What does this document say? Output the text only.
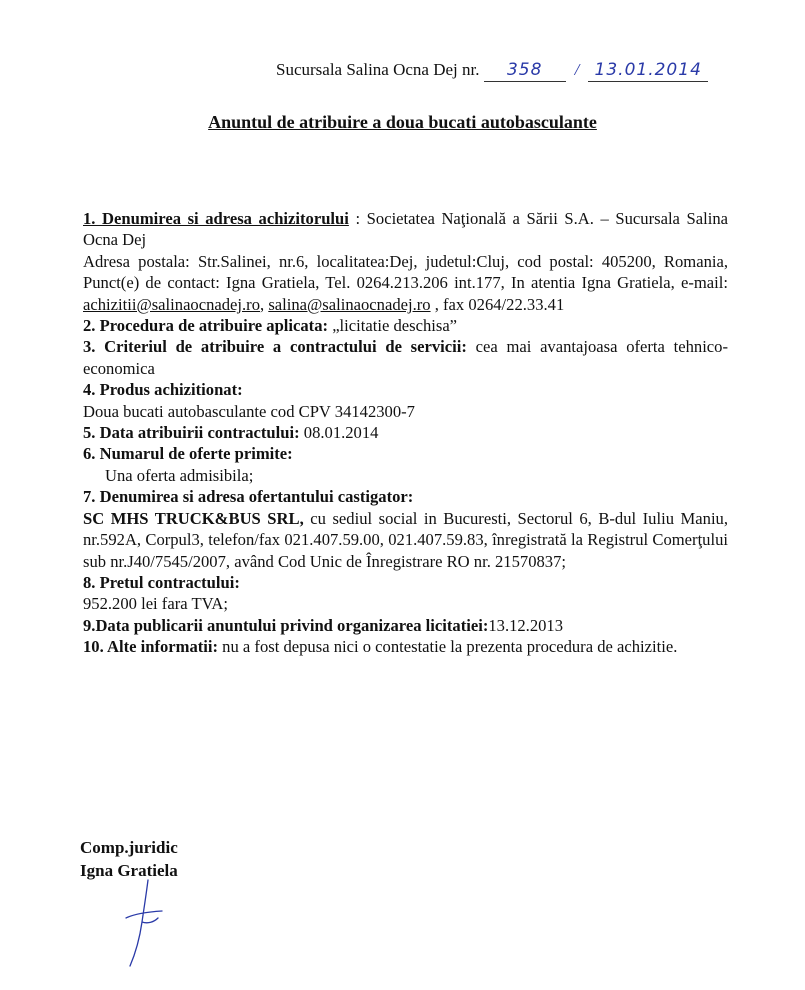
Sucursala Salina Ocna Dej nr. 358 / 13.01.2014
Anuntul de atribuire a doua bucati autobasculante

1. Denumirea si adresa achizitorului : Societatea Naţională a Sării S.A. – Sucursala Salina Ocna Dej

Adresa postala: Str.Salinei, nr.6, localitatea:Dej, judetul:Cluj, cod postal: 405200, Romania, Punct(e) de contact: Igna Gratiela, Tel. 0264.213.206 int.177, In atentia Igna Gratiela, e-mail: achizitii@salinaocnadej.ro, salina@salinaocnadej.ro , fax 0264/22.33.41

2. Procedura de atribuire aplicata: „licitatie deschisa”

3. Criteriul de atribuire a contractului de servicii: cea mai avantajoasa oferta tehnico-economica

4. Produs achizitionat:

Doua bucati autobasculante cod CPV 34142300-7

5. Data atribuirii contractului: 08.01.2014

6. Numarul de oferte primite:

Una oferta admisibila;

7. Denumirea si adresa ofertantului castigator:

SC MHS TRUCK&BUS SRL, cu sediul social in Bucuresti, Sectorul 6, B-dul Iuliu Maniu, nr.592A, Corpul3, telefon/fax 021.407.59.00, 021.407.59.83, înregistrată la Registrul Comerţului sub nr.J40/7545/2007, având Cod Unic de Înregistrare RO nr. 21570837;

8. Pretul contractului:

952.200 lei fara TVA;

9.Data publicarii anuntului privind organizarea licitatiei:13.12.2013

10. Alte informatii: nu a fost depusa nici o contestatie la prezenta procedura de achizitie.

Comp.juridic
Igna Gratiela
